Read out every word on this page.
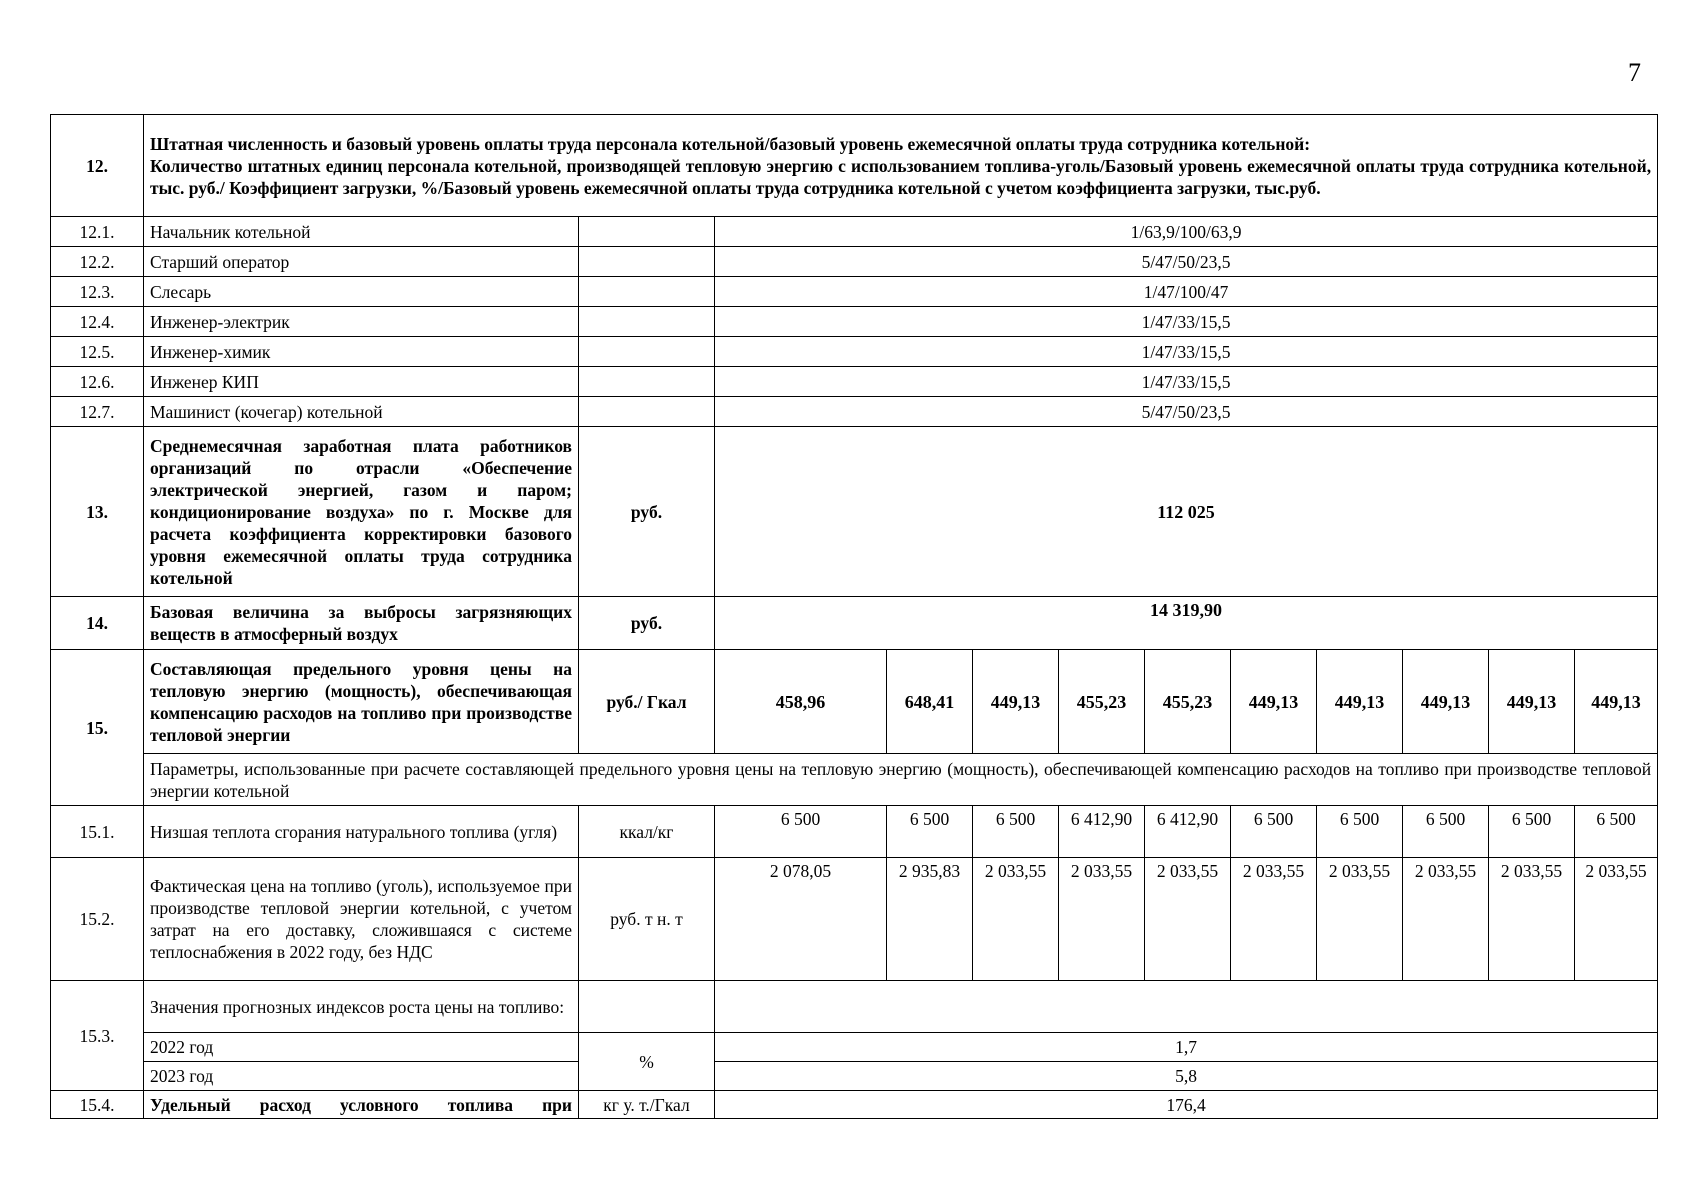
7
12.	Штатная численность и базовый уровень оплаты труда персонала котельной/базовый уровень ежемесячной оплаты труда сотрудника котельной:
Количество штатных единиц персонала котельной, производящей тепловую энергию с использованием топлива-уголь/Базовый уровень ежемесячной оплаты труда сотрудника котельной, тыс. руб./ Коэффициент загрузки, %/Базовый уровень ежемесячной оплаты труда сотрудника котельной с учетом коэффициента загрузки, тыс.руб.											

12.1.	Начальник котельной		1/63,9/100/63,9									
12.2.	Старший оператор		5/47/50/23,5									
12.3.	Слесарь		1/47/100/47									
12.4.	Инженер-электрик		1/47/33/15,5									
12.5.	Инженер-химик		1/47/33/15,5									
12.6.	Инженер КИП		1/47/33/15,5									
12.7.	Машинист (кочегар) котельной		5/47/50/23,5									
13.	Среднемесячная заработная плата работников организаций по отрасли «Обеспечение электрической энергией, газом и паром; кондиционирование воздуха» по г. Москве для расчета коэффициента корректировки базового уровня ежемесячной оплаты труда сотрудника котельной	руб.	112 025									
14.	Базовая величина за выбросы загрязняющих веществ в атмосферный воздух	руб.	14 319,90									
15.	Составляющая предельного уровня цены на тепловую энергию (мощность), обеспечивающая компенсацию расходов на топливо при производстве тепловой энергии	руб./ Гкал	458,96	648,41	449,13	455,23	455,23	449,13	449,13	449,13	449,13	449,13
	Параметры, использованные при расчете составляющей предельного уровня цены на тепловую энергию (мощность), обеспечивающей компенсацию расходов на топливо при производстве тепловой энергии котельной											
15.1.	Низшая теплота сгорания натурального топлива (угля)	ккал/кг	6 500	6 500	6 500	6 412,90	6 412,90	6 500	6 500	6 500	6 500	6 500
15.2.	Фактическая цена на топливо (уголь), используемое при производстве тепловой энергии котельной, с учетом затрат на его доставку, сложившаяся с системе теплоснабжения в 2022 году, без НДС	руб. т н. т	2 078,05	2 935,83	2 033,55	2 033,55	2 033,55	2 033,55	2 033,55	2 033,55	2 033,55	2 033,55
15.3.	Значения прогнозных индексов роста цены на топливо:											
	2022 год	%	1,7									
	2023 год		5,8									
15.4.	Удельный расход условного топлива при	кг у. т./Гкал	176,4									
